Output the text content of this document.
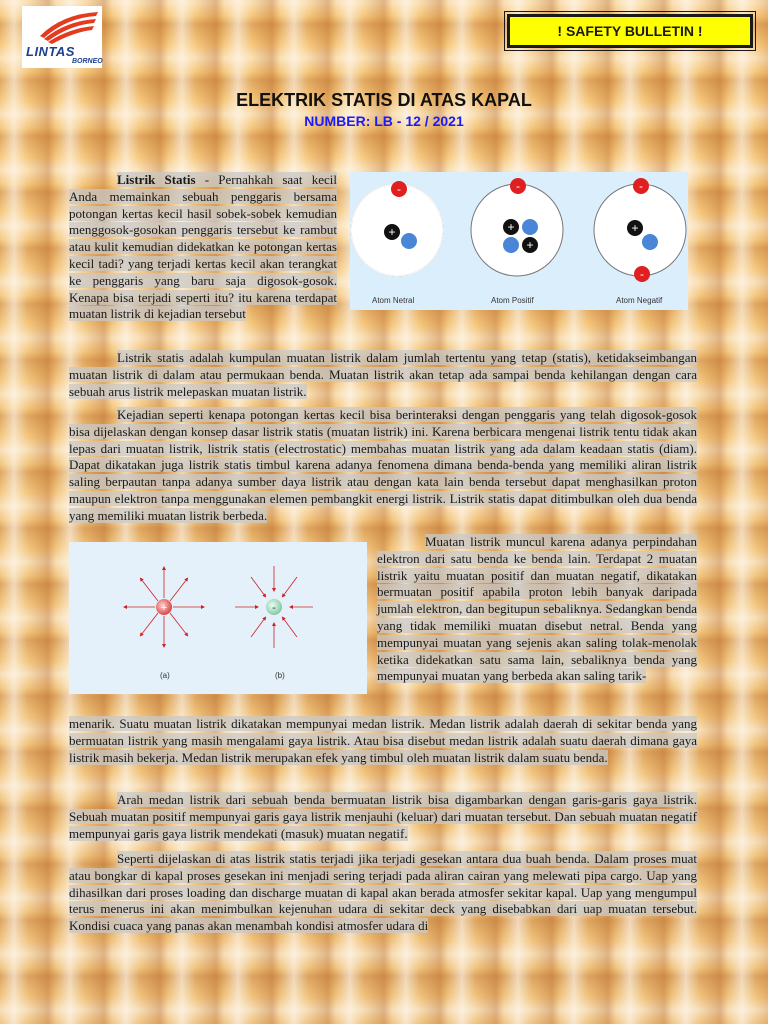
LINTAS
BORNEO
! SAFETY BULLETIN !
ELEKTRIK STATIS DI ATAS KAPAL
NUMBER: LB - 12 / 2021
Listrik Statis - Pernahkah saat kecil Anda memainkan sebuah penggaris bersama potongan kertas kecil hasil sobek-sobek kemudian menggosok-gosokan penggaris tersebut ke rambut atau kulit kemudian didekatkan ke potongan kertas kecil tadi? yang terjadi kertas kecil akan terangkat ke penggaris yang baru saja digosok-gosok. Kenapa bisa terjadi seperti itu? itu karena terdapat muatan listrik di kejadian tersebut
+
-
Atom Netral
+
+
-
Atom Positif
+
-
-
Atom Negatif
Listrik statis adalah kumpulan muatan listrik dalam jumlah tertentu yang tetap (statis), ketidakseimbangan muatan listrik di dalam atau permukaan benda. Muatan listrik akan tetap ada sampai benda kehilangan dengan cara sebuah arus listrik melepaskan muatan listrik.
Kejadian seperti kenapa potongan kertas kecil bisa berinteraksi dengan penggaris yang telah digosok-gosok bisa dijelaskan dengan konsep dasar listrik statis (muatan listrik) ini. Karena berbicara mengenai listrik tentu tidak akan lepas dari muatan listrik, listrik statis (electrostatic) membahas muatan listrik yang ada dalam keadaan statis (diam). Dapat dikatakan juga listrik statis timbul karena adanya fenomena dimana benda-benda yang memiliki aliran listrik saling berpautan tanpa adanya sumber daya listrik atau dengan kata lain benda tersebut dapat menghasilkan proton maupun elektron tanpa menggunakan elemen pembangkit energi listrik. Listrik statis dapat ditimbulkan oleh dua benda yang memiliki muatan listrik berbeda.
+	-
(a)	(b)
Muatan listrik muncul karena adanya perpindahan elektron dari satu benda ke benda lain. Terdapat 2 muatan listrik yaitu muatan positif dan muatan negatif, dikatakan bermuatan positif apabila proton lebih banyak daripada jumlah elektron, dan begitupun sebaliknya. Sedangkan benda yang tidak memiliki muatan disebut netral. Benda yang mempunyai muatan yang sejenis akan saling tolak-menolak ketika didekatkan satu sama lain, sebaliknya benda yang mempunyai muatan yang berbeda akan saling tarik-
menarik. Suatu muatan listrik dikatakan mempunyai medan listrik. Medan listrik adalah daerah di sekitar benda yang bermuatan listrik yang masih mengalami gaya listrik. Atau bisa disebut medan listrik adalah suatu daerah dimana gaya listrik masih bekerja. Medan listrik merupakan efek yang timbul oleh muatan listrik dalam suatu benda.
Arah medan listrik dari sebuah benda bermuatan listrik bisa digambarkan dengan garis-garis gaya listrik. Sebuah muatan positif mempunyai garis gaya listrik menjauhi (keluar) dari muatan tersebut. Dan sebuah muatan negatif mempunyai garis gaya listrik mendekati (masuk) muatan negatif.
Seperti dijelaskan di atas listrik statis terjadi jika terjadi gesekan antara dua buah benda. Dalam proses muat atau bongkar di kapal proses gesekan ini menjadi sering terjadi pada aliran cairan yang melewati pipa cargo. Uap yang dihasilkan dari proses loading dan discharge muatan di kapal akan berada atmosfer sekitar kapal. Uap yang mengumpul terus menerus ini akan menimbulkan kejenuhan udara di sekitar deck yang disebabkan dari uap muatan tersebut. Kondisi cuaca yang panas akan menambah kondisi atmosfer udara di
